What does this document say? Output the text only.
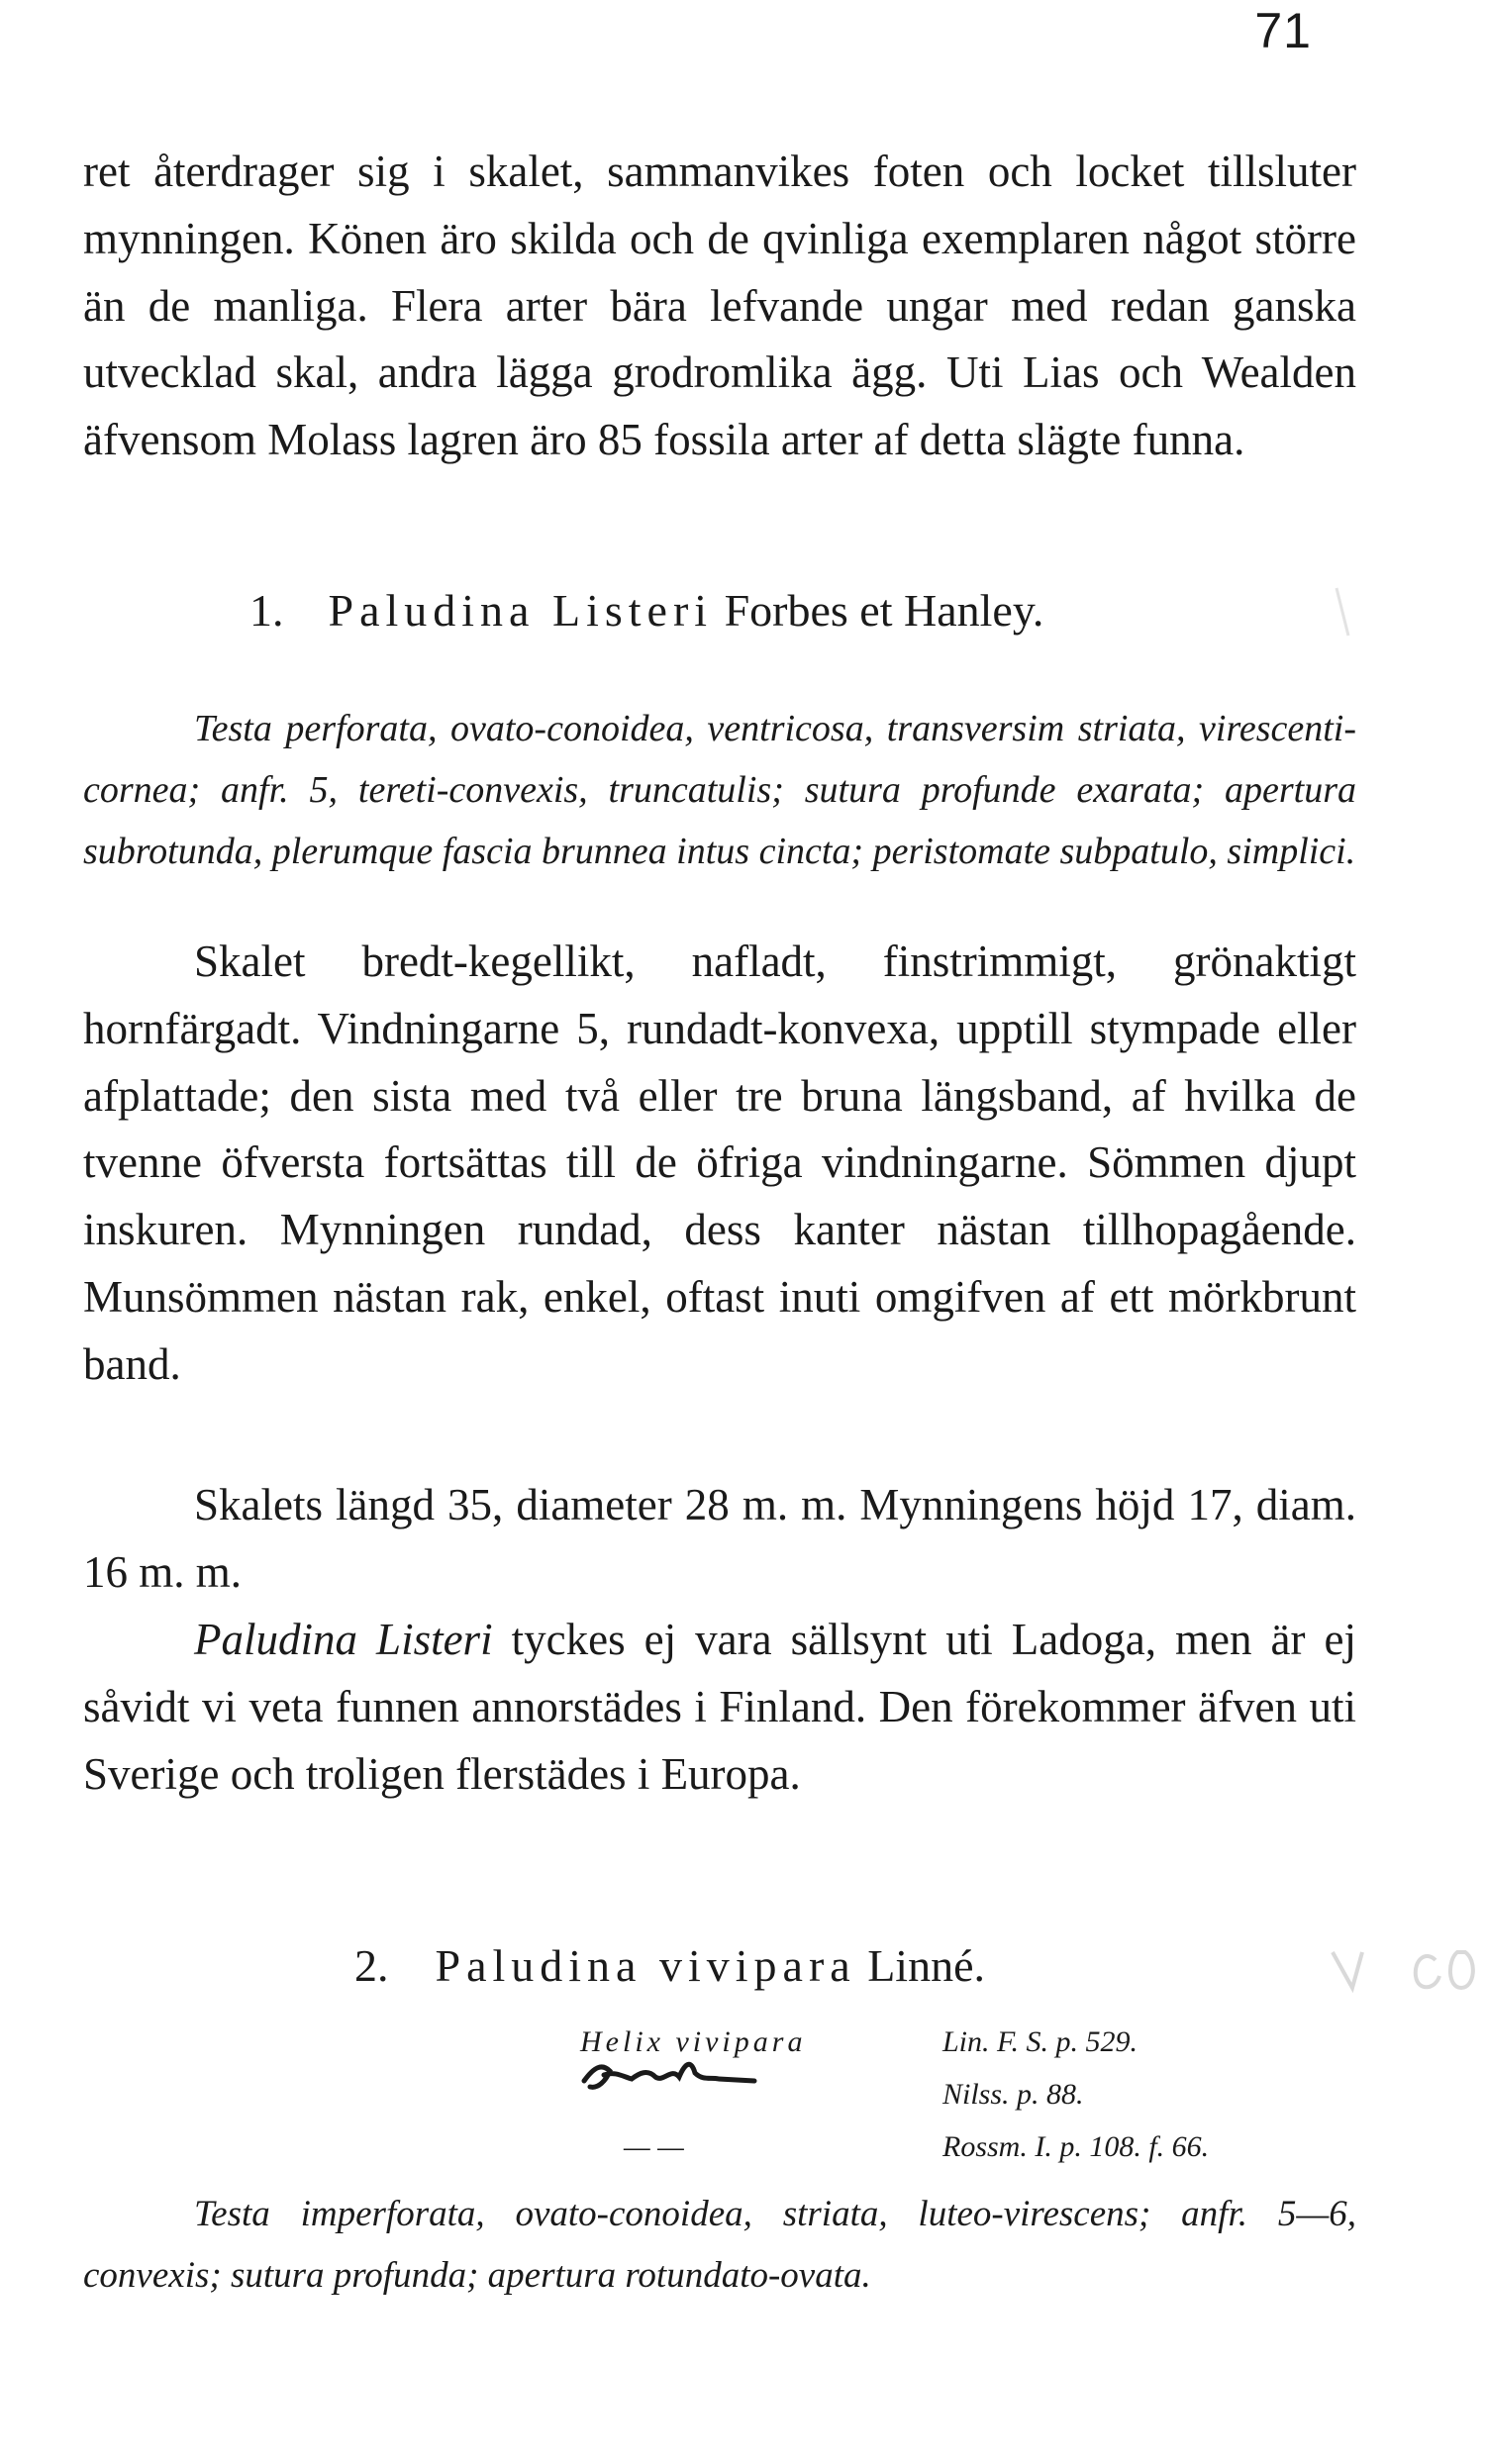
71

ret återdrager sig i skalet, sammanvikes foten och locket tillsluter mynningen. Könen äro skilda och de qvinliga exemplaren något större än de manliga. Flera arter bära lefvande ungar med redan ganska utvecklad skal, andra lägga grodromlika ägg. Uti Lias och Wealden äfvensom Molass lagren äro 85 fossila arter af detta slägte funna.

1. Paludina Listeri Forbes et Hanley.

Testa perforata, ovato-conoidea, ventricosa, transversim striata, virescenti-cornea; anfr. 5, tereti-convexis, truncatulis; sutura profunde exarata; apertura subrotunda, plerumque fascia brunnea intus cincta; peristomate subpatulo, simplici.

Skalet bredt-kegellikt, nafladt, finstrimmigt, grönaktigt hornfärgadt. Vindningarne 5, rundadt-konvexa, upptill stympade eller afplattade; den sista med två eller tre bruna längsband, af hvilka de tvenne öfversta fortsättas till de öfriga vindningarne. Sömmen djupt inskuren. Mynningen rundad, dess kanter nästan tillhopagående. Munsömmen nästan rak, enkel, oftast inuti omgifven af ett mörkbrunt band.

Skalets längd 35, diameter 28 m. m. Mynningens höjd 17, diam. 16 m. m.

Paludina Listeri tyckes ej vara sällsynt uti Ladoga, men är ej såvidt vi veta funnen annorstädes i Finland. Den förekommer äfven uti Sverige och troligen flerstädes i Europa.

2. Paludina vivipara Linné.
Helix vivipara	Lin. F. S. p. 529.
Nilss. p. 88.
— —	Rossm. I. p. 108. f. 66.

Testa imperforata, ovato-conoidea, striata, luteo-virescens; anfr. 5—6, convexis; sutura profunda; apertura rotundato-ovata.
